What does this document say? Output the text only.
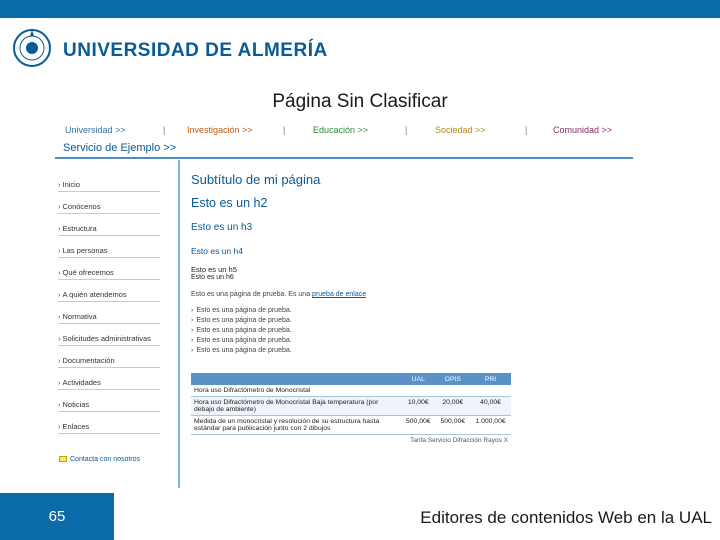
UNIVERSIDAD DE ALMERÍA
Página Sin Clasificar
Universidad >>	| Investigación >>	|	Educación >>	|	Sociedad >>	|	Comunidad >>
Servicio de Ejemplo >>
› Inicio
› Conócenos
› Estructura
› Las personas
› Qué ofrecemos
› A quién atendemos
› Normativa
› Solicitudes administrativas
› Documentación
› Actividades
› Noticias
› Enlaces
Contacta con nosotros
Subtítulo de mi página
Esto es un h2
Esto es un h3
Esto es un h4
Esto es un h5
Esto es un h6
Esto es una página de prueba. Es una prueba de enlace
› Esto es una página de prueba.
› Esto es una página de prueba.
› Esto es una página de prueba.
› Esto es una página de prueba.
› Esto es una página de prueba.
	UAL	OPIS	PRI
Hora uso Difractómetro de Monocristal			
Hora uso Difractómetro de Monocristal Baja temperatura (por debajo de ambiente)	10,00€	20,00€	40,00€
Medida de un monocristal y resolución de su estructura hasta estándar para publicación junto con 2 dibujos	500,00€	500,00€	1.000,00€
Tarifa Servicio Difracción Rayos X			
65	Editores de contenidos Web en la UAL
